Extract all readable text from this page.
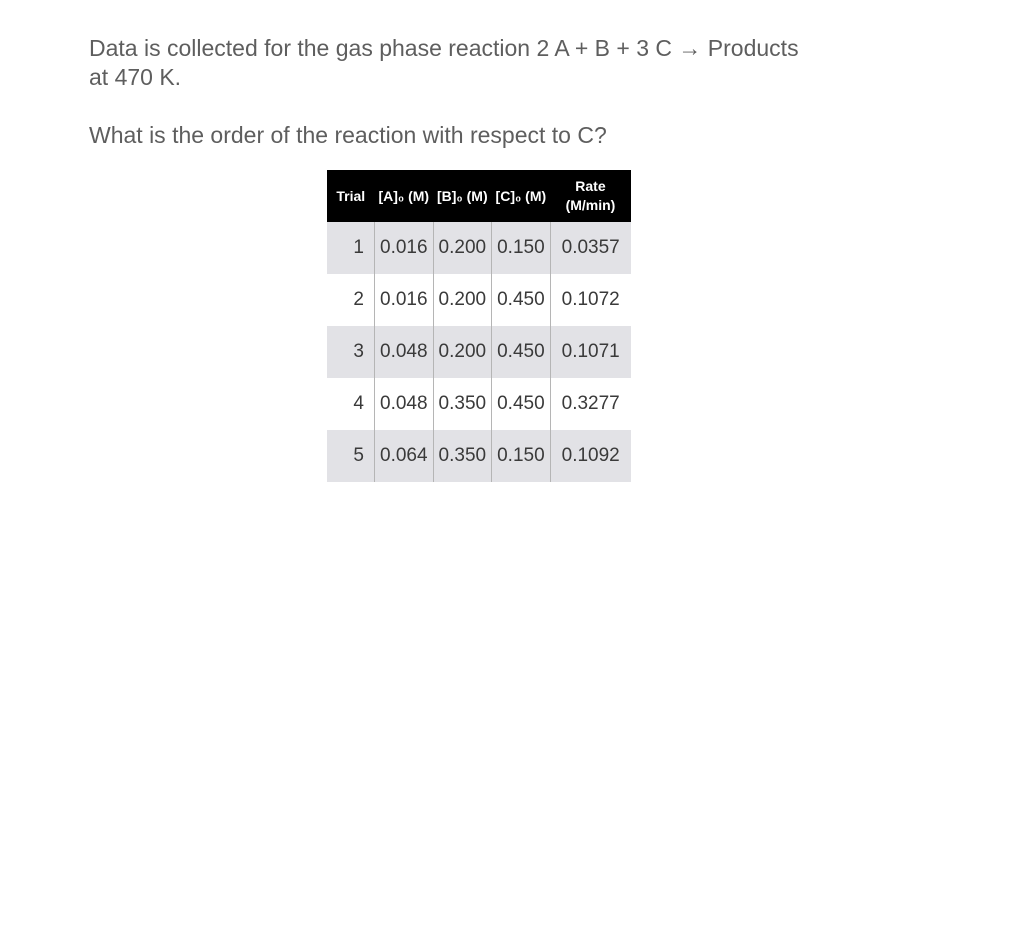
Data is collected for the gas phase reaction 2 A + B + 3 C → Products

at 470 K.

What is the order of the reaction with respect to C?

Trial	[A]₀ (M)	[B]₀ (M)	[C]₀ (M)	Rate
(M/min)

1	0.016	0.200	0.150	0.0357
2	0.016	0.200	0.450	0.1072
3	0.048	0.200	0.450	0.1071
4	0.048	0.350	0.450	0.3277
5	0.064	0.350	0.150	0.1092
